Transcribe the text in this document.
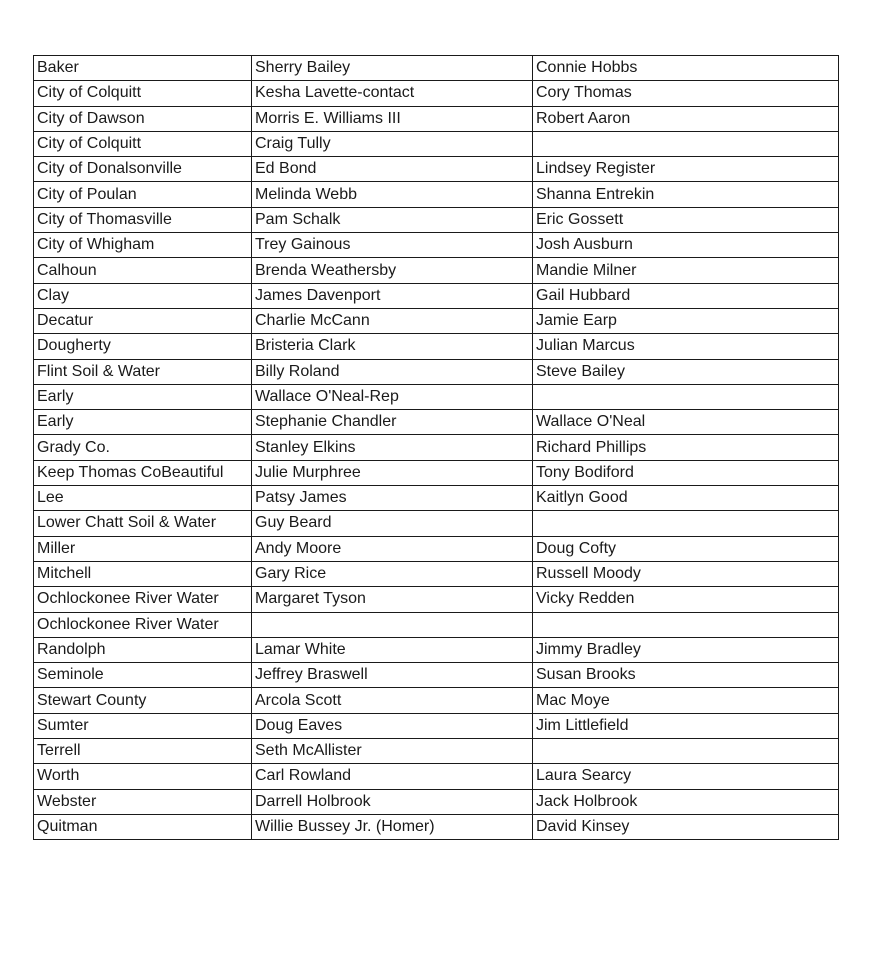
Baker	Sherry Bailey	Connie Hobbs
City of Colquitt	Kesha Lavette-contact	Cory Thomas
City of Dawson	Morris E. Williams III	Robert Aaron
City of Colquitt	Craig Tully	
City of Donalsonville	Ed Bond	Lindsey Register
City of Poulan	Melinda Webb	Shanna Entrekin
City of Thomasville	Pam Schalk	Eric Gossett
City of Whigham	Trey Gainous	Josh Ausburn
Calhoun	Brenda Weathersby	Mandie Milner
Clay	James Davenport	Gail Hubbard
Decatur	Charlie McCann	Jamie Earp
Dougherty	Bristeria Clark	Julian Marcus
Flint Soil & Water	Billy Roland	Steve Bailey
Early	Wallace O'Neal-Rep	
Early	Stephanie Chandler	Wallace O'Neal
Grady Co.	Stanley Elkins	Richard Phillips
Keep Thomas CoBeautiful	Julie Murphree	Tony Bodiford
Lee	Patsy James	Kaitlyn Good
Lower Chatt Soil & Water	Guy Beard	
Miller	Andy Moore	Doug Cofty
Mitchell	Gary Rice	Russell Moody
Ochlockonee River Water	Margaret Tyson	Vicky Redden
Ochlockonee River Water		
Randolph	Lamar White	Jimmy Bradley
Seminole	Jeffrey Braswell	Susan Brooks
Stewart County	Arcola Scott	Mac Moye
Sumter	Doug Eaves	Jim Littlefield
Terrell	Seth McAllister	
Worth	Carl Rowland	Laura Searcy
Webster	Darrell Holbrook	Jack Holbrook
Quitman	Willie Bussey Jr. (Homer)	David Kinsey
